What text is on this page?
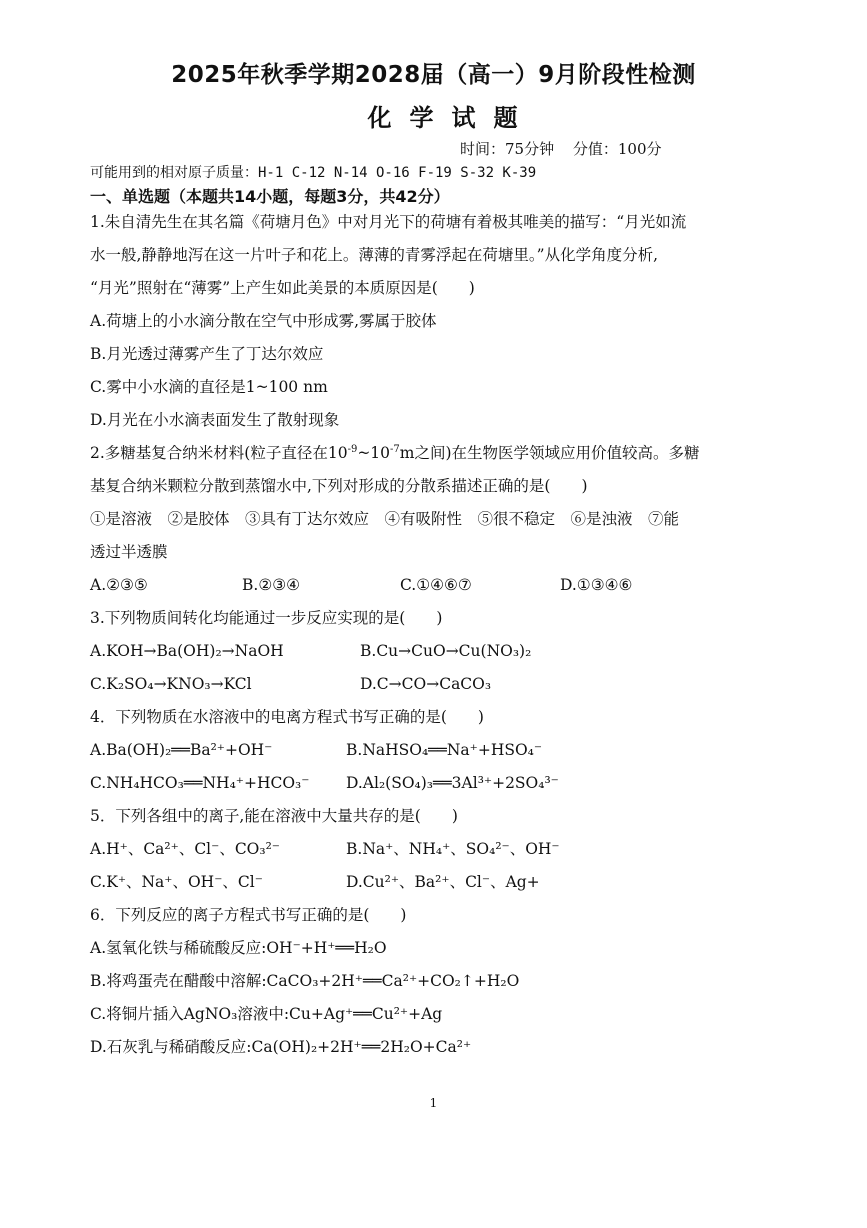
2025年秋季学期2028届（高一）9月阶段性检测
化学试题
时间：75分钟 分值：100分
可能用到的相对原子质量：H-1 C-12 N-14 O-16 F-19 S-32 K-39
一、单选题（本题共14小题，每题3分，共42分）
1.朱自清先生在其名篇《荷塘月色》中对月光下的荷塘有着极其唯美的描写：“月光如流
水一般,静静地泻在这一片叶子和花上。薄薄的青雾浮起在荷塘里。”从化学角度分析,
“月光”照射在“薄雾”上产生如此美景的本质原因是(　　)
A.荷塘上的小水滴分散在空气中形成雾,雾属于胶体
B.月光透过薄雾产生了丁达尔效应
C.雾中小水滴的直径是1~100 nm
D.月光在小水滴表面发生了散射现象
2.多糖基复合纳米材料(粒子直径在$10^{-9}\sim 10^{-7}m$之间)在生物医学领域应用价值较高。多糖
基复合纳米颗粒分散到蒸馏水中,下列对形成的分散系描述正确的是(　　)
①是溶液　②是胶体　③具有丁达尔效应　④有吸附性　⑤很不稳定　⑥是浊液　⑦能
透过半透膜
A.②③⑤	B.②③④	C.①④⑥⑦	D.①③④⑥
3.下列物质间转化均能通过一步反应实现的是(　　)
A.KOH→Ba(OH)₂→NaOH	B.Cu→CuO→Cu(NO₃)₂
C.K₂SO₄→KNO₃→KCl	D.C→CO→CaCO₃
4．下列物质在水溶液中的电离方程式书写正确的是(　　)
A.Ba(OH)₂══Ba²⁺+OH⁻	B.NaHSO₄══Na⁺+HSO₄⁻
C.NH₄HCO₃══NH₄⁺+HCO₃⁻ D.Al₂(SO₄)₃══3Al³⁺+2SO₄³⁻
5．下列各组中的离子,能在溶液中大量共存的是(　　)
A.H⁺、Ca²⁺、Cl⁻、CO₃²⁻	B.Na⁺、NH₄⁺、SO₄²⁻、OH⁻
C.K⁺、Na⁺、OH⁻、Cl⁻	D.Cu²⁺、Ba²⁺、Cl⁻、Ag+
6．下列反应的离子方程式书写正确的是(　　)
A.氢氧化铁与稀硫酸反应:OH⁻+H⁺══H₂O
B.将鸡蛋壳在醋酸中溶解:CaCO₃+2H⁺══Ca²⁺+CO₂↑+H₂O
C.将铜片插入AgNO₃溶液中:Cu+Ag⁺══Cu²⁺+Ag
D.石灰乳与稀硝酸反应:Ca(OH)₂+2H⁺══2H₂O+Ca²⁺
1
